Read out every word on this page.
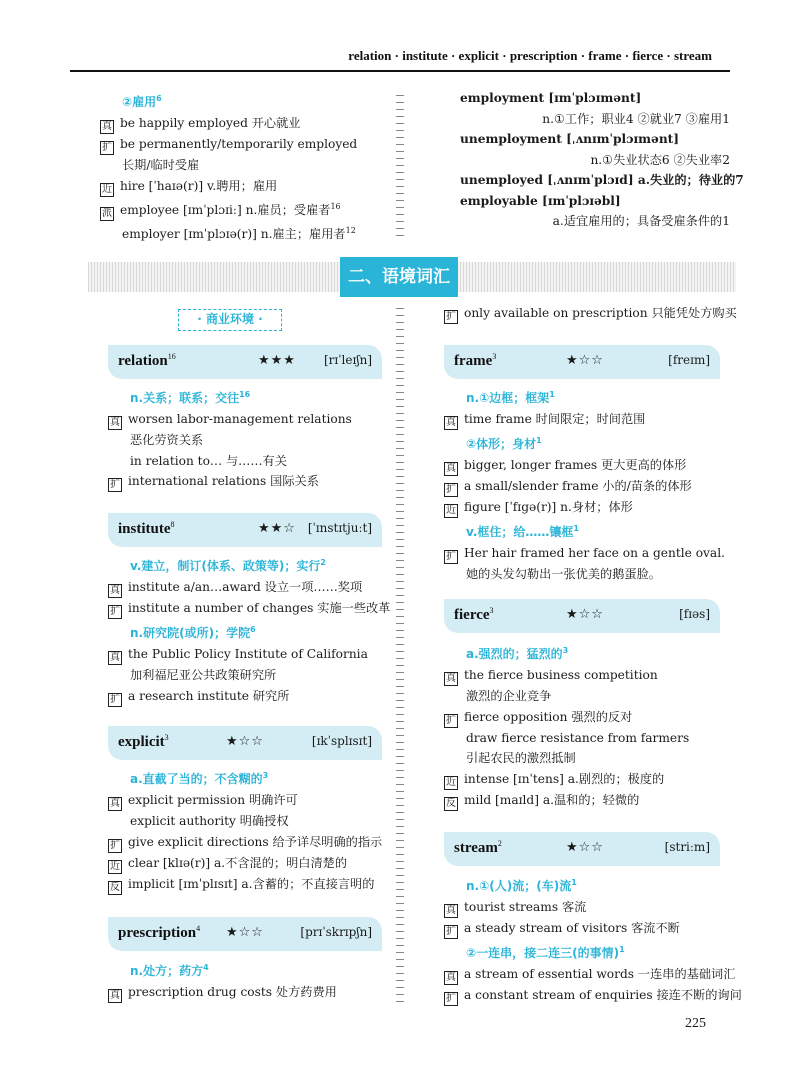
relation · institute · explicit · prescription · frame · fierce · stream
②雇用$^6$
真 be happily employed 开心就业
扩 be permanently/temporarily employed
长期/临时受雇
近 hire [ˈhaɪə(r)] v.聘用；雇用
派 employee [ɪmˈplɔɪiː] n.雇员；受雇者$^{16}$
employer [ɪmˈplɔɪə(r)] n.雇主；雇用者$^{12}$
employment [ɪmˈplɔɪmənt]
n.①工作；职业4 ②就业7 ③雇用1
unemployment [ˌʌnɪmˈplɔɪmənt]
n.①失业状态6 ②失业率2
unemployed [ˌʌnɪmˈplɔɪd] a.失业的；待业的7
employable [ɪmˈplɔɪəbl]
a.适宜雇用的；具备受雇条件的1
二、语境词汇
· 商业环境 ·
relation$^{16}$	★★★ [rɪˈleɪʃn]
n.关系；联系；交往$^{16}$
真 worsen labor-management relations
恶化劳资关系
in relation to… 与……有关
扩 international relations 国际关系
institute$^8$	★★☆ [ˈɪnstɪtjuːt]
v.建立，制订(体系、政策等)；实行$^2$
真 institute a/an…award 设立一项……奖项
扩 institute a number of changes 实施一些改革
n.研究院(或所)；学院$^6$
真 the Public Policy Institute of California
加利福尼亚公共政策研究所
扩 a research institute 研究所
explicit$^3$	★☆☆	[ɪkˈsplɪsɪt]
a.直截了当的；不含糊的$^3$
真 explicit permission 明确许可
explicit authority 明确授权
扩 give explicit directions 给予详尽明确的指示
近 clear [klɪə(r)] a.不含混的；明白清楚的
反 implicit [ɪmˈplɪsɪt] a.含蓄的；不直接言明的
prescription$^4$ ★☆☆	[prɪˈskrɪpʃn]
n.处方；药方$^4$
真 prescription drug costs 处方药费用
扩 only available on prescription 只能凭处方购买
frame$^3$	★☆☆	[freɪm]
n.①边框；框架$^1$
真 time frame 时间限定；时间范围
②体形；身材$^1$
真 bigger, longer frames 更大更高的体形
扩 a small/slender frame 小的/苗条的体形
近 figure [ˈfɪgə(r)] n.身材；体形
v.框住；给……镶框$^1$
扩 Her hair framed her face on a gentle oval.
她的头发勾勒出一张优美的鹅蛋脸。
fierce$^3$	★☆☆	[fɪəs]
a.强烈的；猛烈的$^3$
真 the fierce business competition
激烈的企业竞争
扩 fierce opposition 强烈的反对
draw fierce resistance from farmers
引起农民的激烈抵制
近 intense [ɪnˈtens] a.剧烈的；极度的
反 mild [maɪld] a.温和的；轻微的
stream$^2$	★☆☆	[striːm]
n.①(人)流；(车)流$^1$
真 tourist streams 客流
扩 a steady stream of visitors 客流不断
②一连串，接二连三(的事情)$^1$
真 a stream of essential words 一连串的基础词汇
扩 a constant stream of enquiries 接连不断的询问
225
